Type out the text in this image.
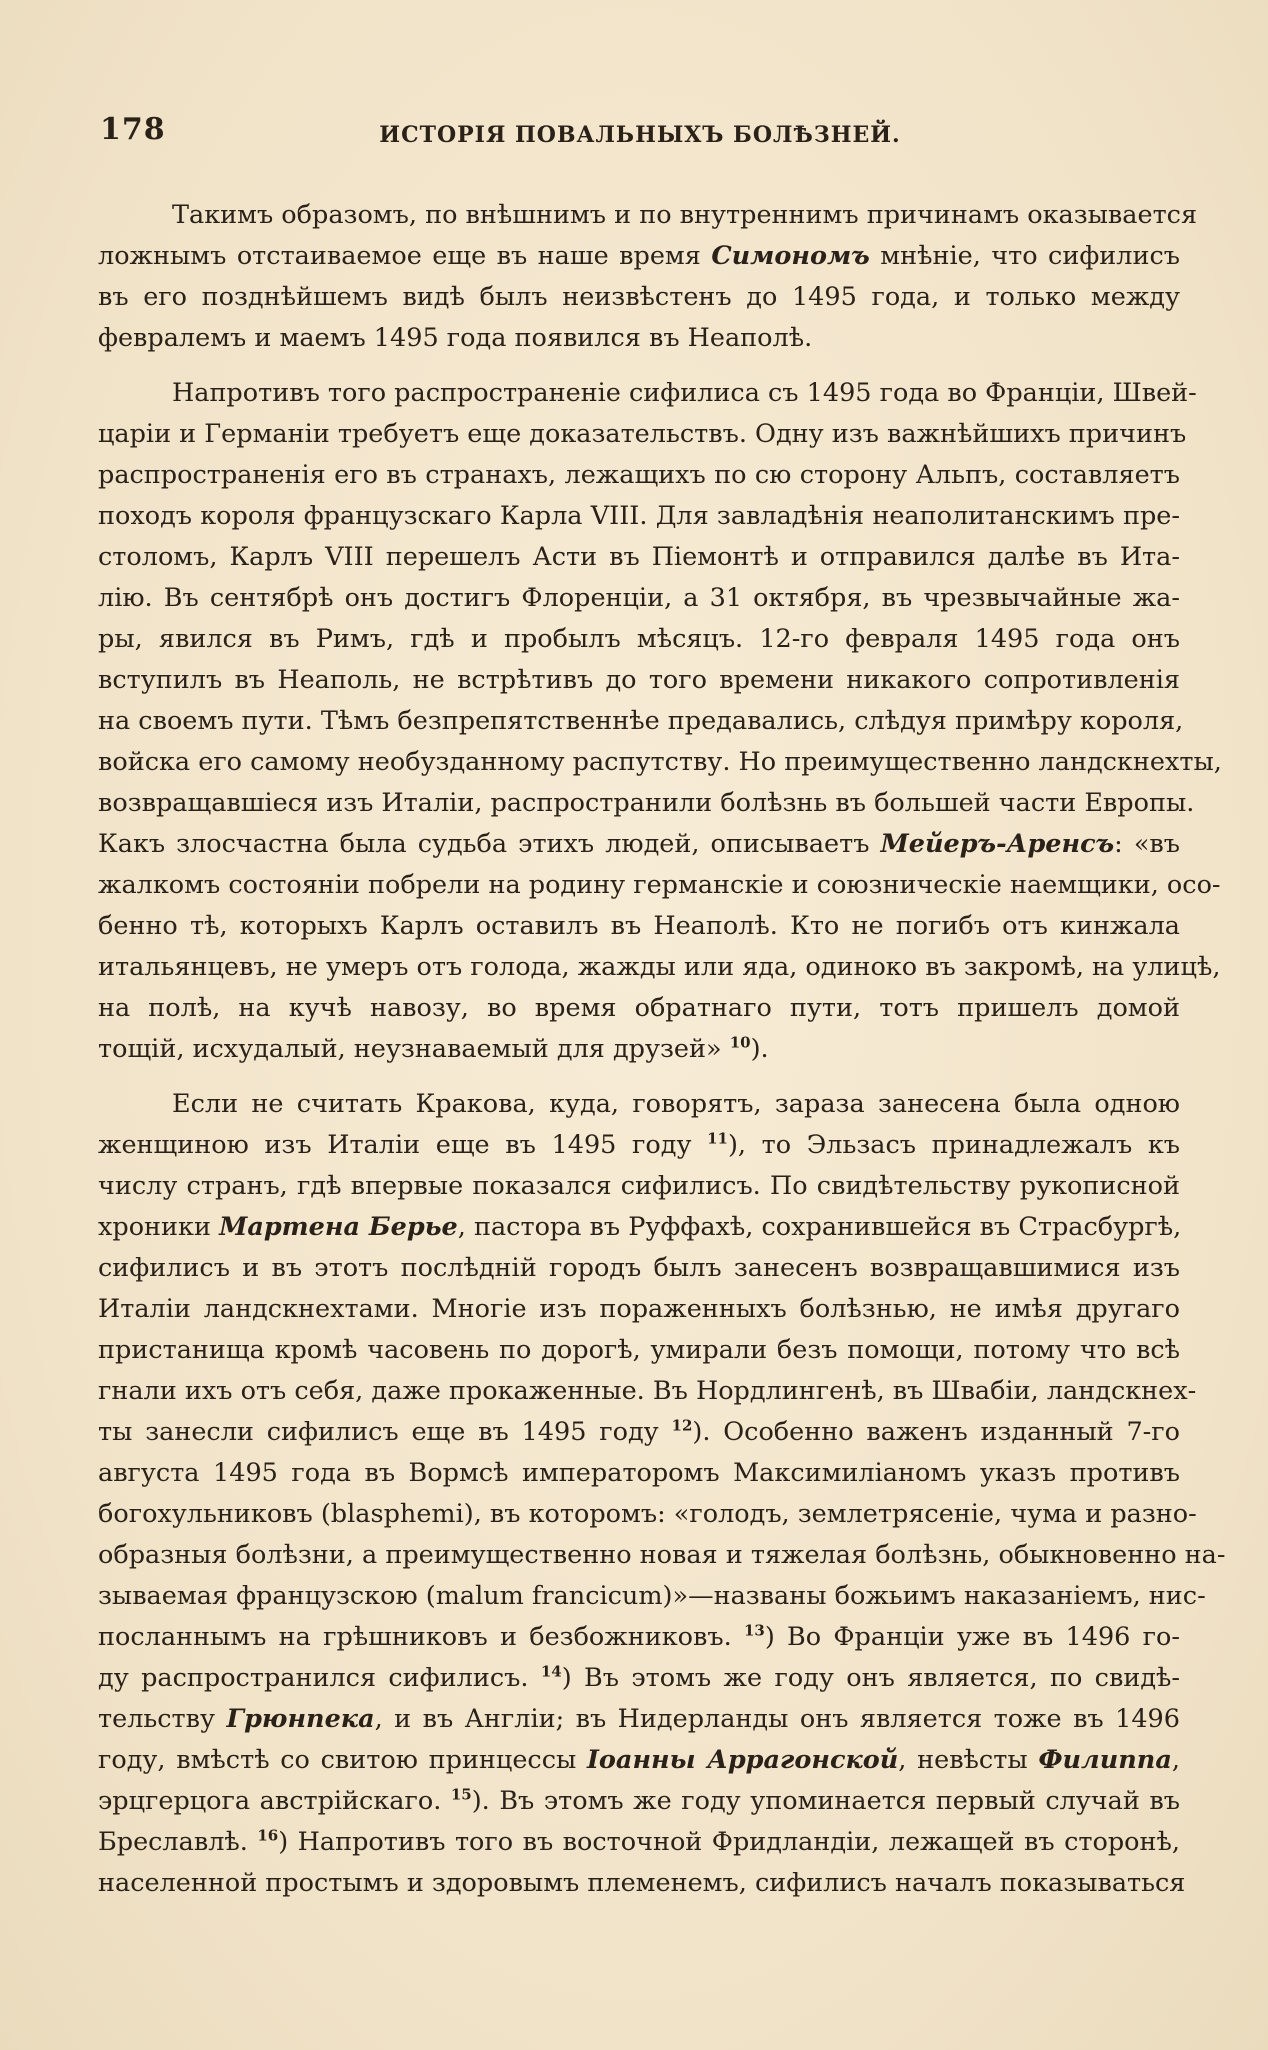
178	ИСТОРІЯ ПОВАЛЬНЫХЪ БОЛѢЗНЕЙ.
Такимъ образомъ, по внѣшнимъ и по внутреннимъ причинамъ оказывается
ложнымъ отстаиваемое еще въ наше время Симономъ мнѣніе, что сифилисъ
въ его позднѣйшемъ видѣ былъ неизвѣстенъ до 1495 года, и только между
февралемъ и маемъ 1495 года появился въ Неаполѣ.
Напротивъ того распространеніе сифилиса съ 1495 года во Франціи, Швей-
царіи и Германіи требуетъ еще доказательствъ. Одну изъ важнѣйшихъ причинъ
распространенія его въ странахъ, лежащихъ по сю сторону Альпъ, составляетъ
походъ короля французскаго Карла VIII. Для завладѣнія неаполитанскимъ пре-
столомъ, Карлъ VIII перешелъ Асти въ Піемонтѣ и отправился далѣе въ Ита-
лію. Въ сентябрѣ онъ достигъ Флоренціи, а 31 октября, въ чрезвычайные жа-
ры, явился въ Римъ, гдѣ и пробылъ мѣсяцъ. 12-го февраля 1495 года онъ
вступилъ въ Неаполь, не встрѣтивъ до того времени никакого сопротивленія
на своемъ пути. Тѣмъ безпрепятственнѣе предавались, слѣдуя примѣру короля,
войска его самому необузданному распутству. Но преимущественно ландскнехты,
возвращавшіеся изъ Италіи, распространили болѣзнь въ большей части Европы.
Какъ злосчастна была судьба этихъ людей, описываетъ Мейеръ-Аренсъ: «въ
жалкомъ состояніи побрели на родину германскіе и союзническіе наемщики, осо-
бенно тѣ, которыхъ Карлъ оставилъ въ Неаполѣ. Кто не погибъ отъ кинжала
итальянцевъ, не умеръ отъ голода, жажды или яда, одиноко въ закромѣ, на улицѣ,
на полѣ, на кучѣ навозу, во время обратнаго пути, тотъ пришелъ домой
тощій, исхудалый, неузнаваемый для друзей» $^{10}$).
Если не считать Кракова, куда, говорятъ, зараза занесена была одною
женщиною изъ Италіи еще въ 1495 году $^{11}$), то Эльзасъ принадлежалъ къ
числу странъ, гдѣ впервые показался сифилисъ. По свидѣтельству рукописной
хроники Мартена Берье, пастора въ Руффахѣ, сохранившейся въ Страсбургѣ,
сифилисъ и въ этотъ послѣдній городъ былъ занесенъ возвращавшимися изъ
Италіи ландскнехтами. Многіе изъ пораженныхъ болѣзнью, не имѣя другаго
пристанища кромѣ часовень по дорогѣ, умирали безъ помощи, потому что всѣ
гнали ихъ отъ себя, даже прокаженные. Въ Нордлингенѣ, въ Швабіи, ландскнех-
ты занесли сифилисъ еще въ 1495 году $^{12}$). Особенно важенъ изданный 7-го
августа 1495 года въ Вормсѣ императоромъ Максимиліаномъ указъ противъ
богохульниковъ (blasphemi), въ которомъ: «голодъ, землетрясеніе, чума и разно-
образныя болѣзни, а преимущественно новая и тяжелая болѣзнь, обыкновенно на-
зываемая французскою (malum francicum)»—названы божьимъ наказаніемъ, нис-
посланнымъ на грѣшниковъ и безбожниковъ. $^{13}$) Во Франціи уже въ 1496 го-
ду распространился сифилисъ. $^{14}$) Въ этомъ же году онъ является, по свидѣ-
тельству Грюнпека, и въ Англіи; въ Нидерланды онъ является тоже въ 1496
году, вмѣстѣ со свитою принцессы Іоанны Аррагонской, невѣсты Филиппа,
эрцгерцога австрійскаго. $^{15}$). Въ этомъ же году упоминается первый случай въ
Бреславлѣ. $^{16}$) Напротивъ того въ восточной Фридландіи, лежащей въ сторонѣ,
населенной простымъ и здоровымъ племенемъ, сифилисъ началъ показываться
